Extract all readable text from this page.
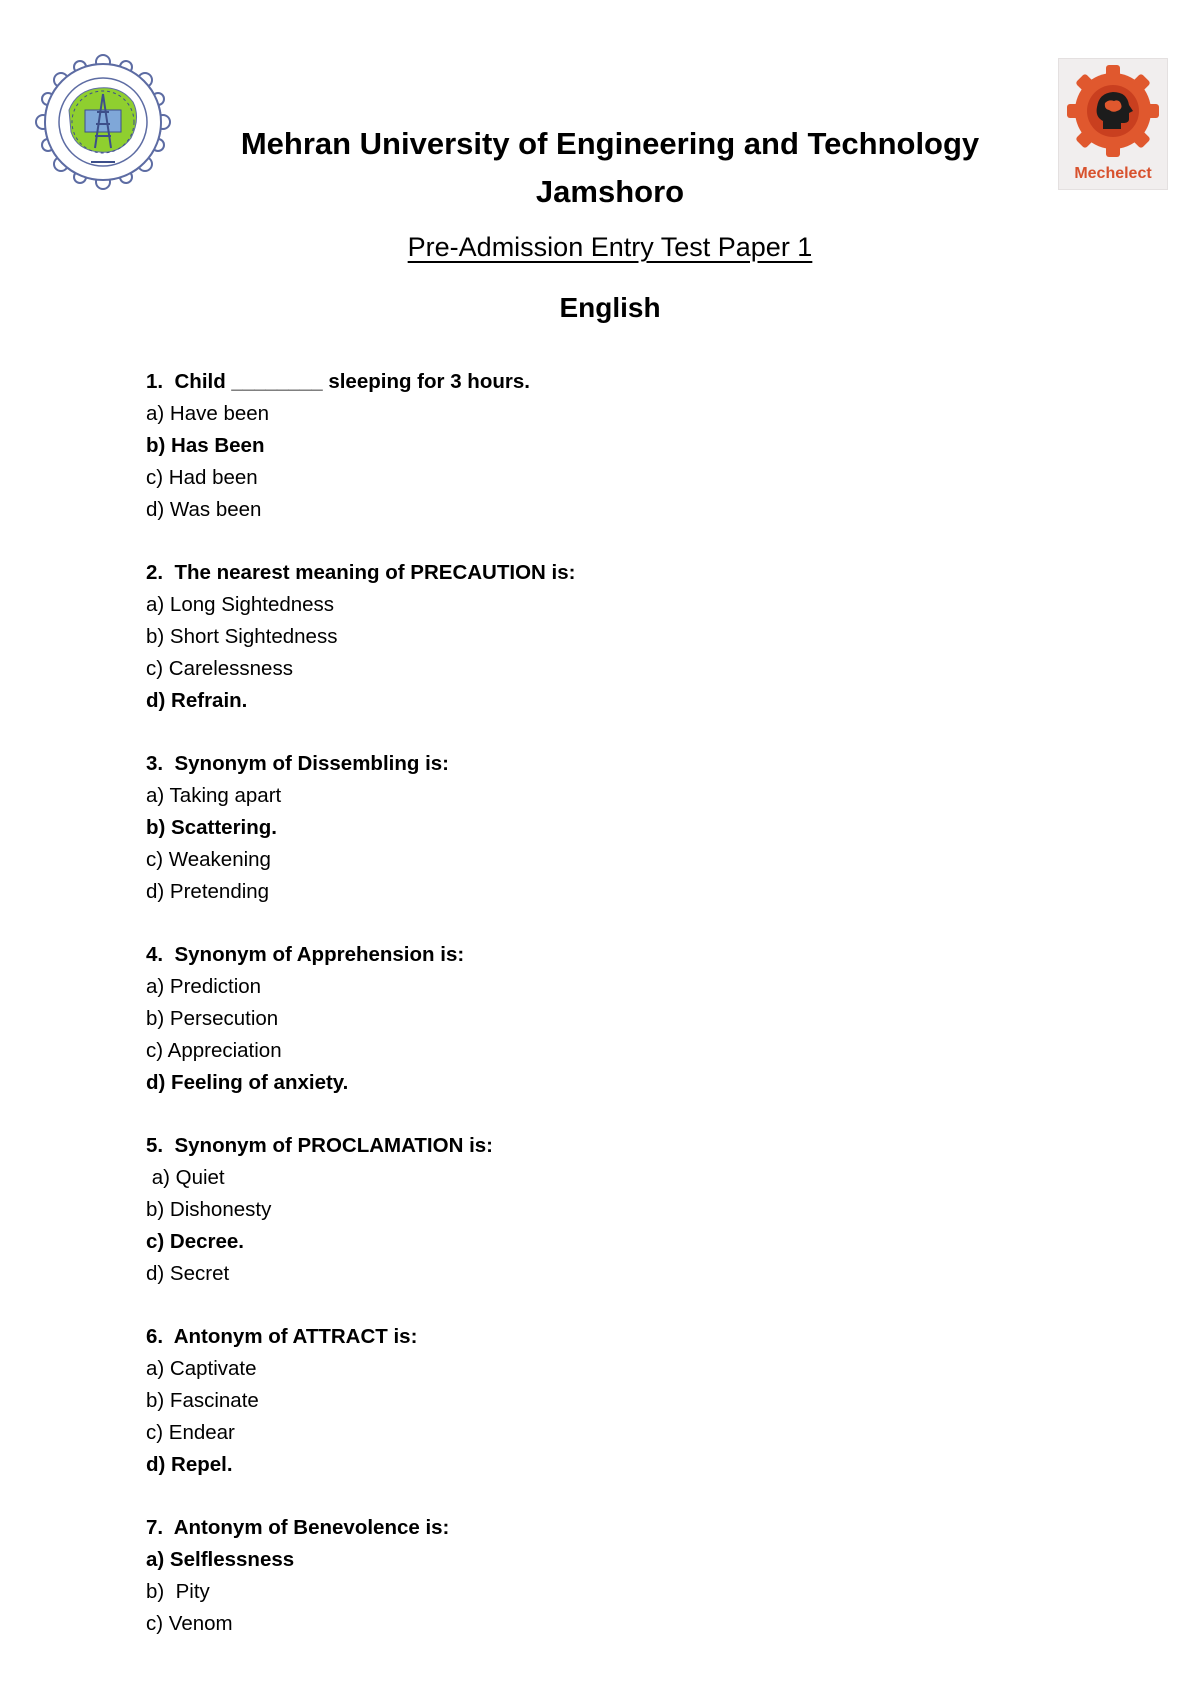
Mechelect

Mehran University of Engineering and Technology

Jamshoro

Pre-Admission Entry Test Paper 1
English
1.  Child ________ sleeping for 3 hours.
a) Have been
b) Has Been
c) Had been
d) Was been
2.  The nearest meaning of PRECAUTION is:
a) Long Sightedness
b) Short Sightedness
c) Carelessness
d) Refrain.
3.  Synonym of Dissembling is:
a) Taking apart
b) Scattering.
c) Weakening
d) Pretending
4.  Synonym of Apprehension is:
a) Prediction
b) Persecution
c) Appreciation
d) Feeling of anxiety.
5.  Synonym of PROCLAMATION is:
a) Quiet
b) Dishonesty
c) Decree.
d) Secret
6.  Antonym of ATTRACT is:
a) Captivate
b) Fascinate
c) Endear
d) Repel.
7.  Antonym of Benevolence is:
a) Selflessness
b)  Pity
c) Venom
